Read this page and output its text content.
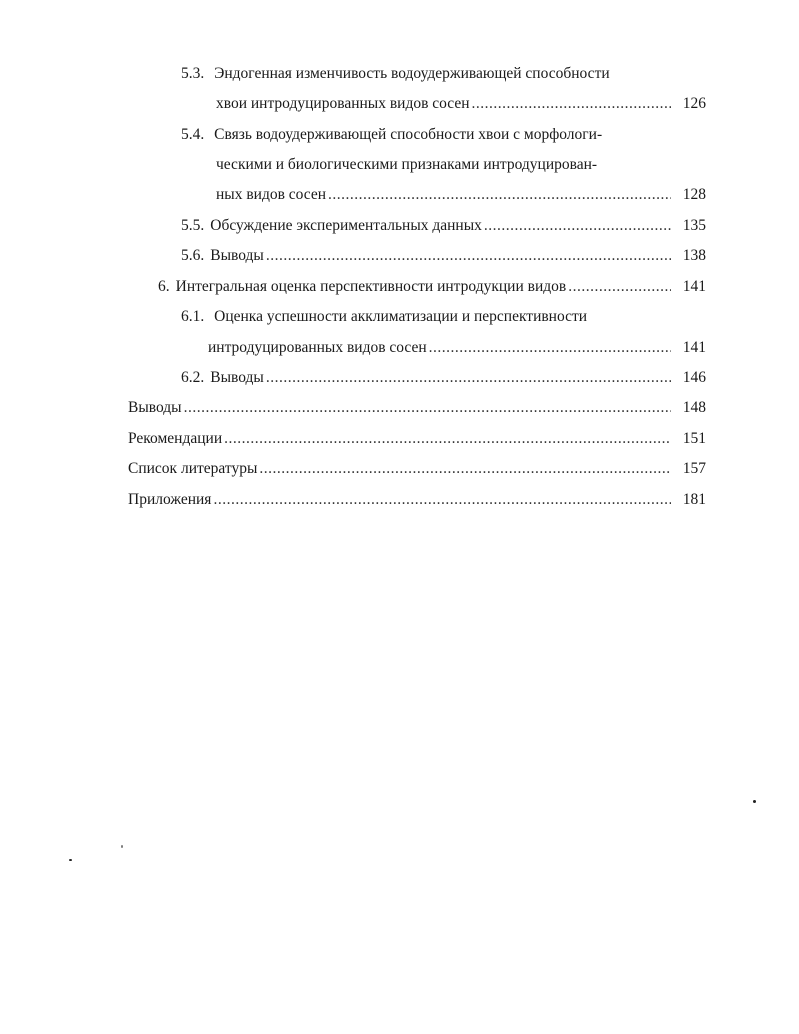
5.3. Эндогенная изменчивость водоудерживающей способности
хвои интродуцированных видов сосен .....	126
5.4. Связь водоудерживающей способности хвои с морфологи-
ческими и биологическими признаками интродуцирован-
ных видов сосен .....	128
5.5. Обсуждение экспериментальных данных .....	135
5.6. Выводы .....	138
6. Интегральная оценка перспективности интродукции видов .....	141
6.1. Оценка успешности акклиматизации и перспективности
интродуцированных видов сосен .....	141
6.2. Выводы .....	146
Выводы .....	148
Рекомендации .....	151
Список литературы .....	157
Приложения .....	181
